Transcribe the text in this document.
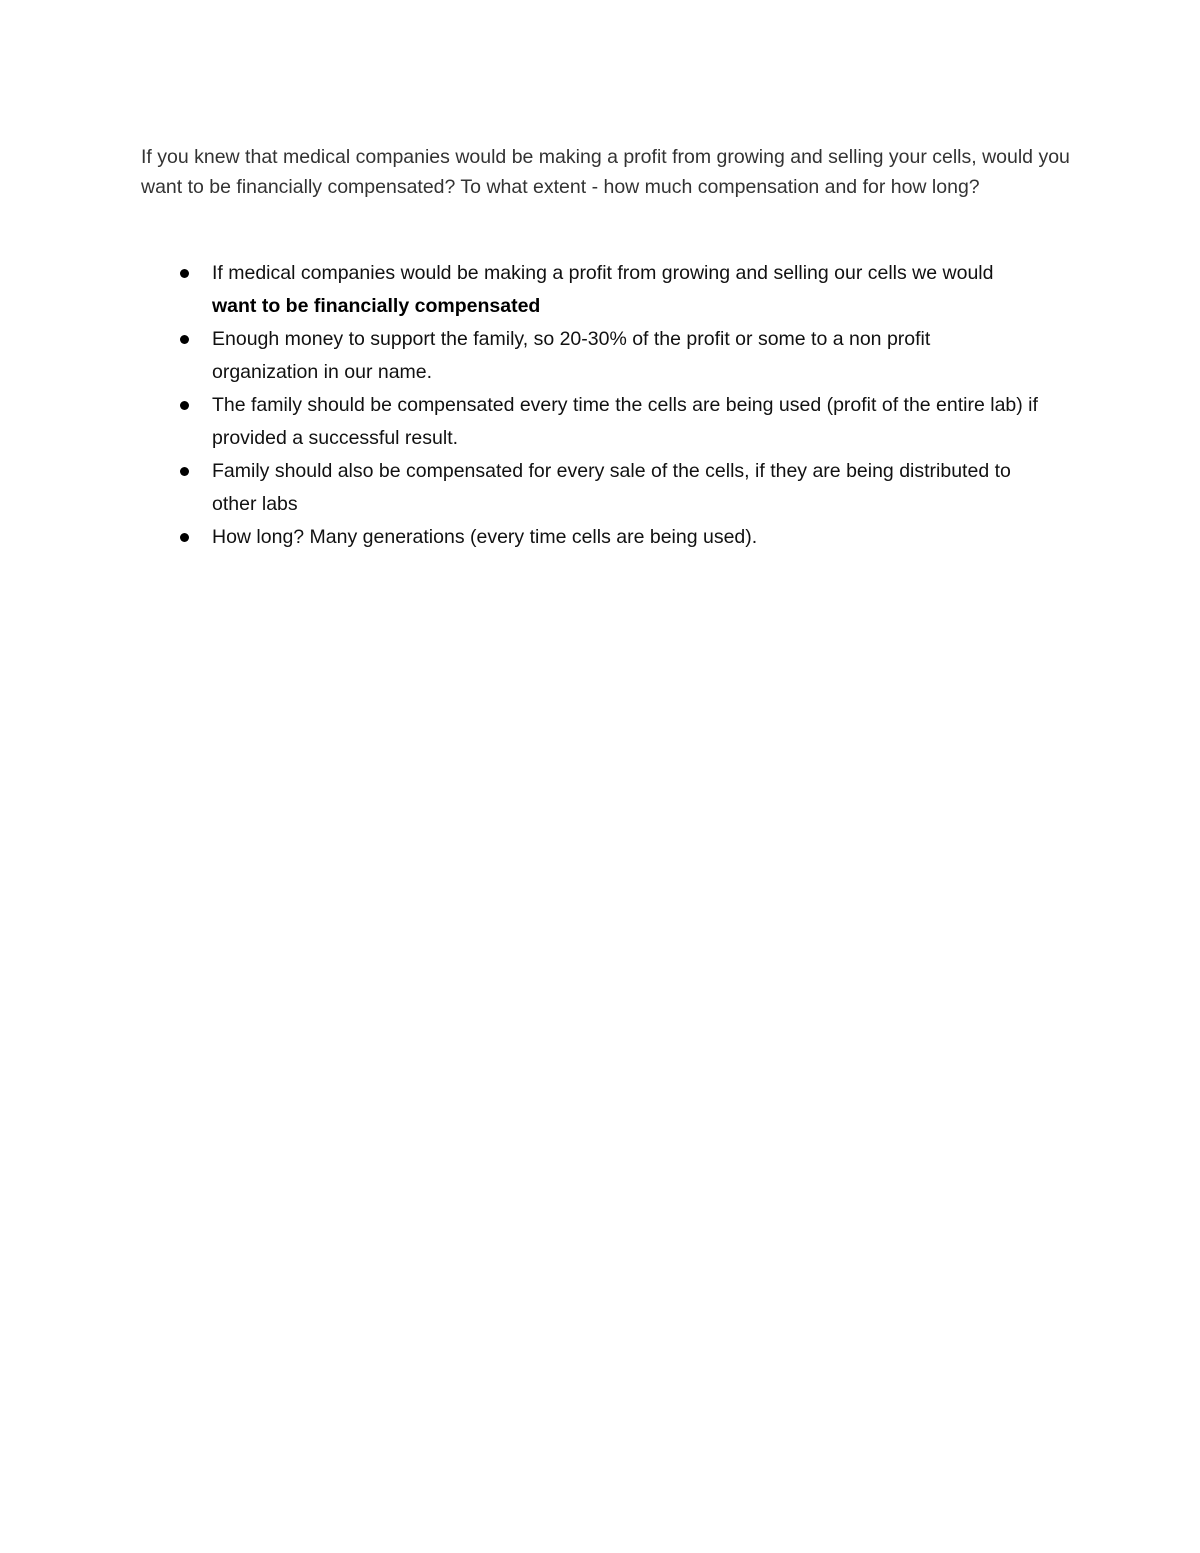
If you knew that medical companies would be making a profit from growing and selling your cells, would you want to be financially compensated? To what extent - how much compensation and for how long?

If medical companies would be making a profit from growing and selling our cells we would want to be financially compensated
Enough money to support the family, so 20-30% of the profit or some to a non profit organization in our name.
The family should be compensated every time the cells are being used (profit of the entire lab) if provided a successful result.
Family should also be compensated for every sale of the cells, if they are being distributed to other labs
How long? Many generations (every time cells are being used).
